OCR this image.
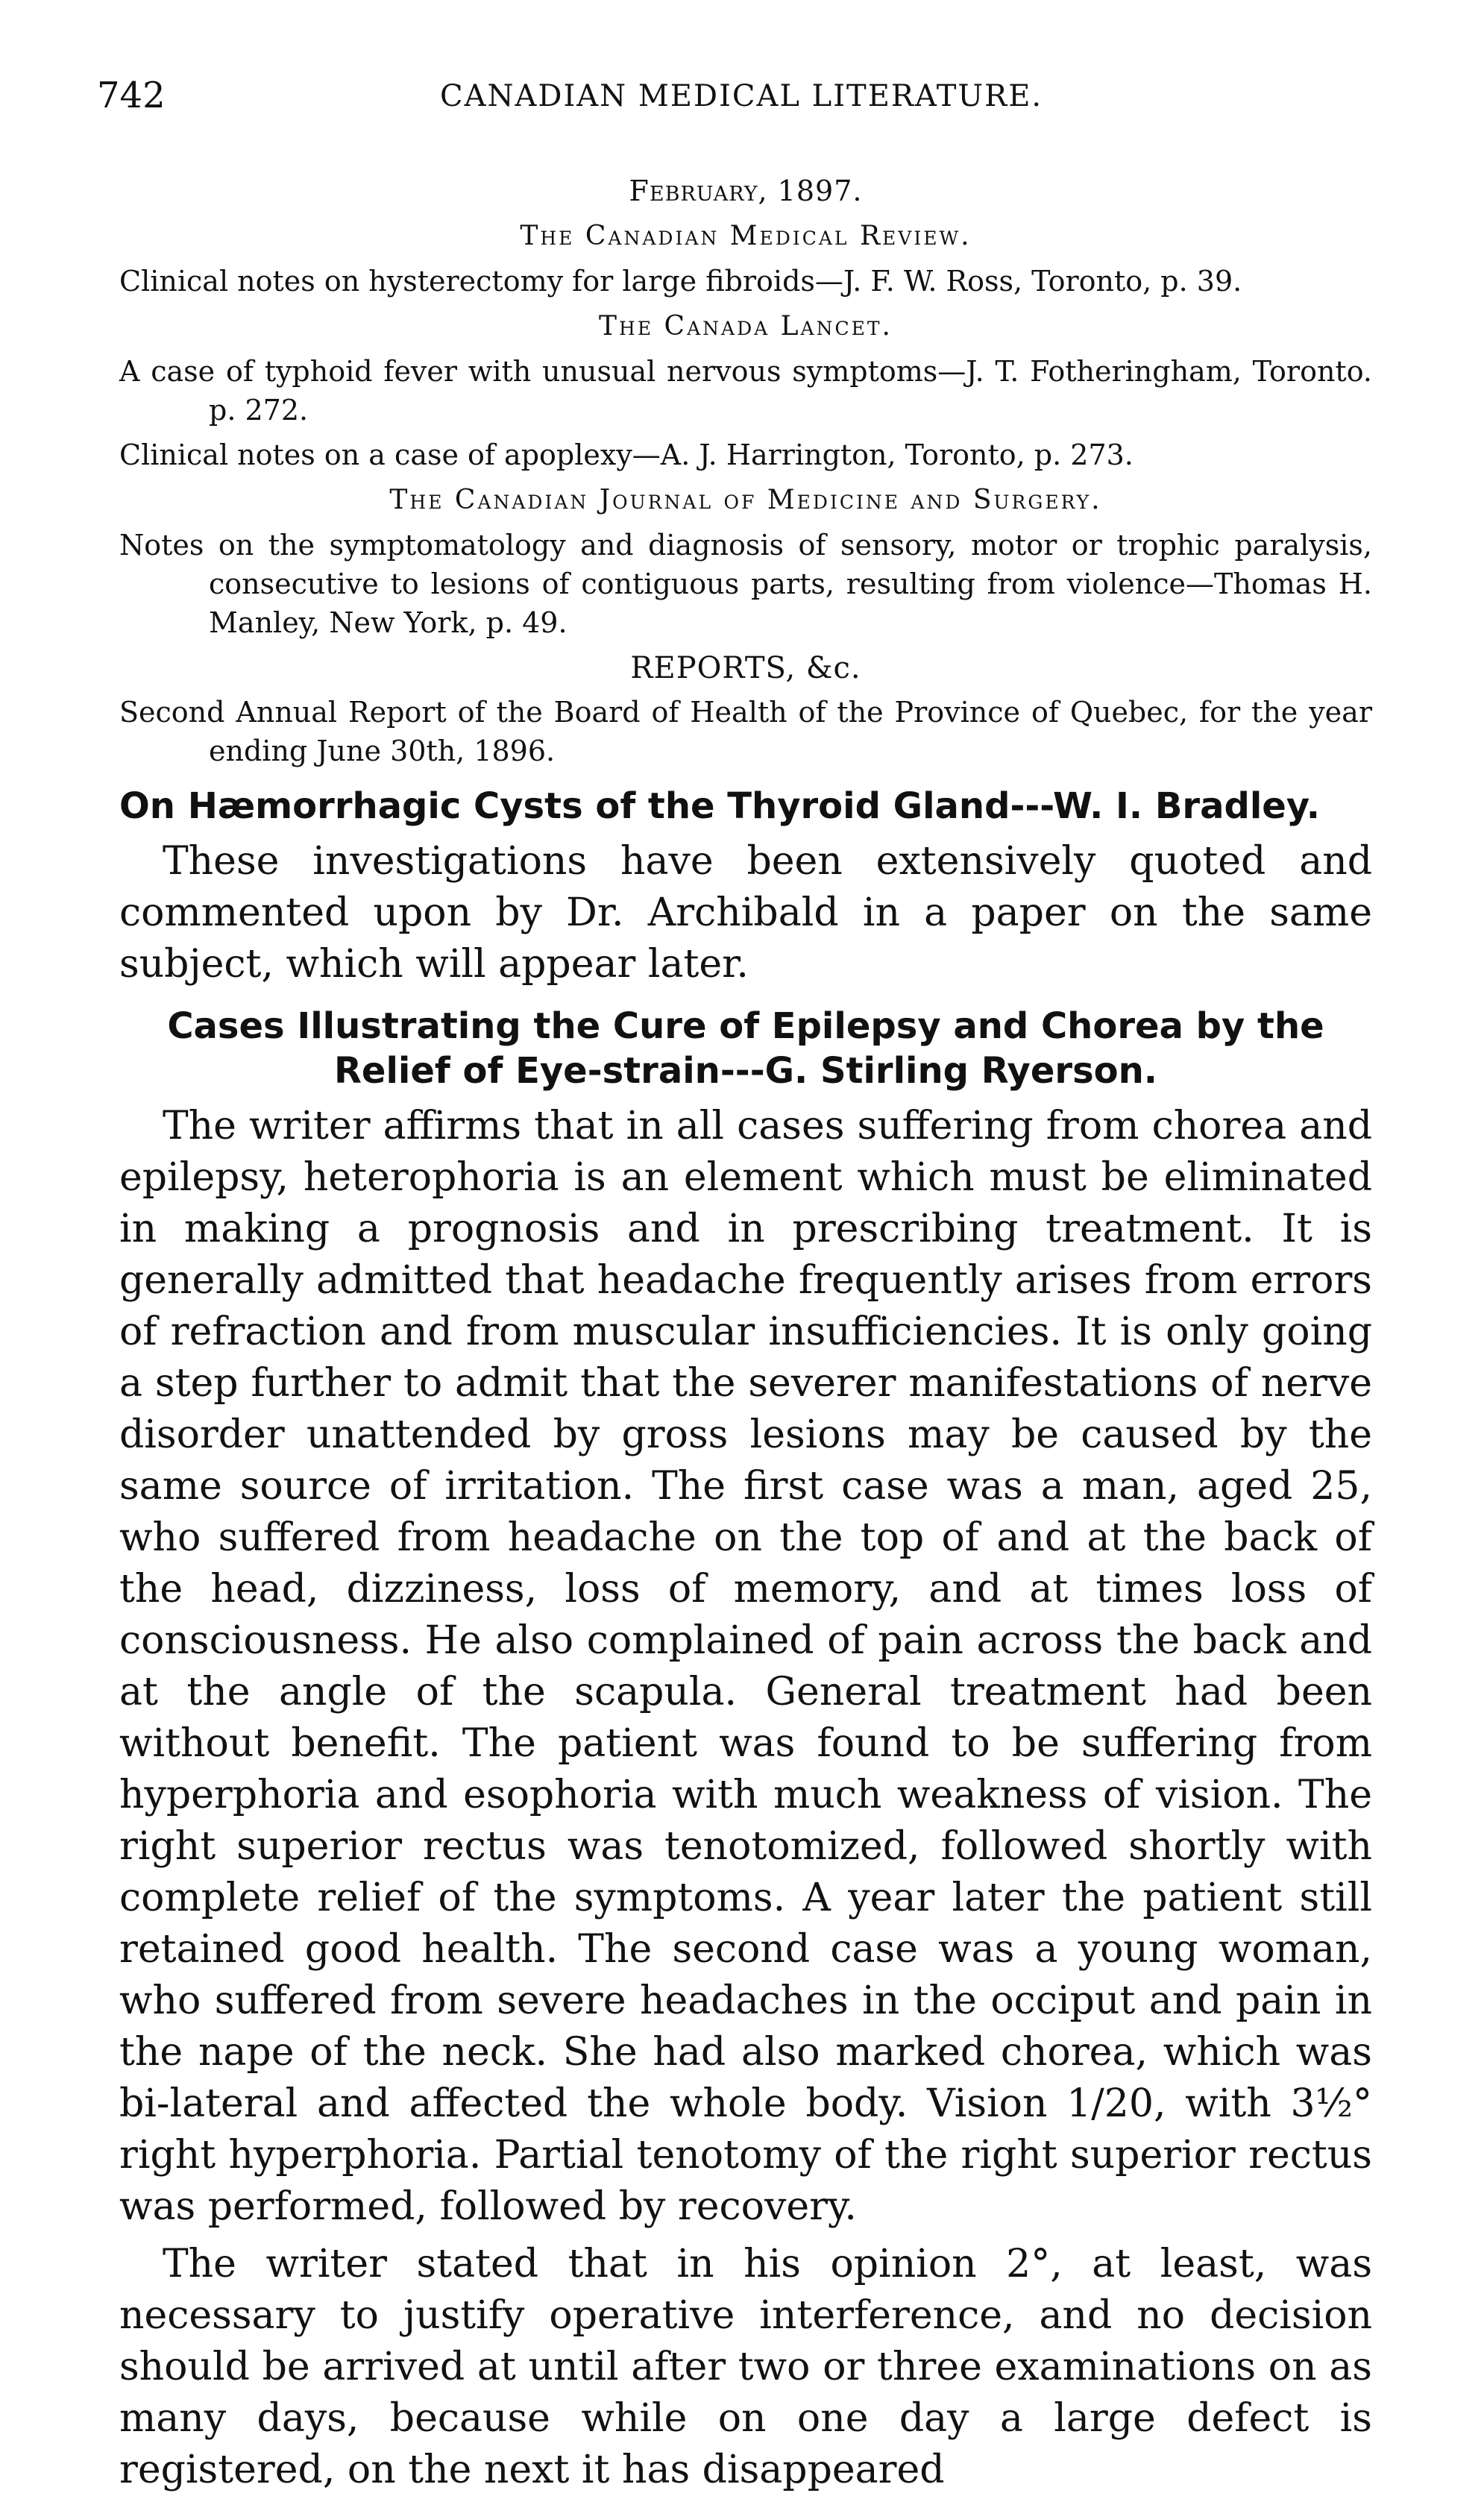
742	CANADIAN MEDICAL LITERATURE.
February, 1897.
The Canadian Medical Review.

Clinical notes on hysterectomy for large fibroids—J. F. W. Ross, Toronto, p. 39.

The Canada Lancet.

A case of typhoid fever with unusual nervous symptoms—J. T. Fotheringham, Toronto. p. 272.

Clinical notes on a case of apoplexy—A. J. Harrington, Toronto, p. 273.

The Canadian Journal of Medicine and Surgery.

Notes on the symptomatology and diagnosis of sensory, motor or trophic paralysis, consecutive to lesions of contiguous parts, resulting from violence—Thomas H. Manley, New York, p. 49.

REPORTS, &c.

Second Annual Report of the Board of Health of the Province of Quebec, for the year ending June 30th, 1896.

On Hæmorrhagic Cysts of the Thyroid Gland---W. I. Bradley.

These investigations have been extensively quoted and commented upon by Dr. Archibald in a paper on the same subject, which will appear later.

Cases Illustrating the Cure of Epilepsy and Chorea by the Relief of Eye-strain---G. Stirling Ryerson.

The writer affirms that in all cases suffering from chorea and epilepsy, heterophoria is an element which must be eliminated in making a prognosis and in prescribing treatment. It is generally admitted that headache frequently arises from errors of refraction and from muscular insufficiencies. It is only going a step further to admit that the severer manifestations of nerve disorder unattended by gross lesions may be caused by the same source of irritation. The first case was a man, aged 25, who suffered from headache on the top of and at the back of the head, dizziness, loss of memory, and at times loss of consciousness. He also complained of pain across the back and at the angle of the scapula. General treatment had been without benefit. The patient was found to be suffering from hyperphoria and esophoria with much weakness of vision. The right superior rectus was tenotomized, followed shortly with complete relief of the symptoms. A year later the patient still retained good health. The second case was a young woman, who suffered from severe headaches in the occiput and pain in the nape of the neck. She had also marked chorea, which was bi-lateral and affected the whole body. Vision 1/20, with 3½° right hyperphoria. Partial tenotomy of the right superior rectus was performed, followed by recovery.

The writer stated that in his opinion 2°, at least, was necessary to justify operative interference, and no decision should be arrived at until after two or three examinations on as many days, because while on one day a large defect is registered, on the next it has disappeared
